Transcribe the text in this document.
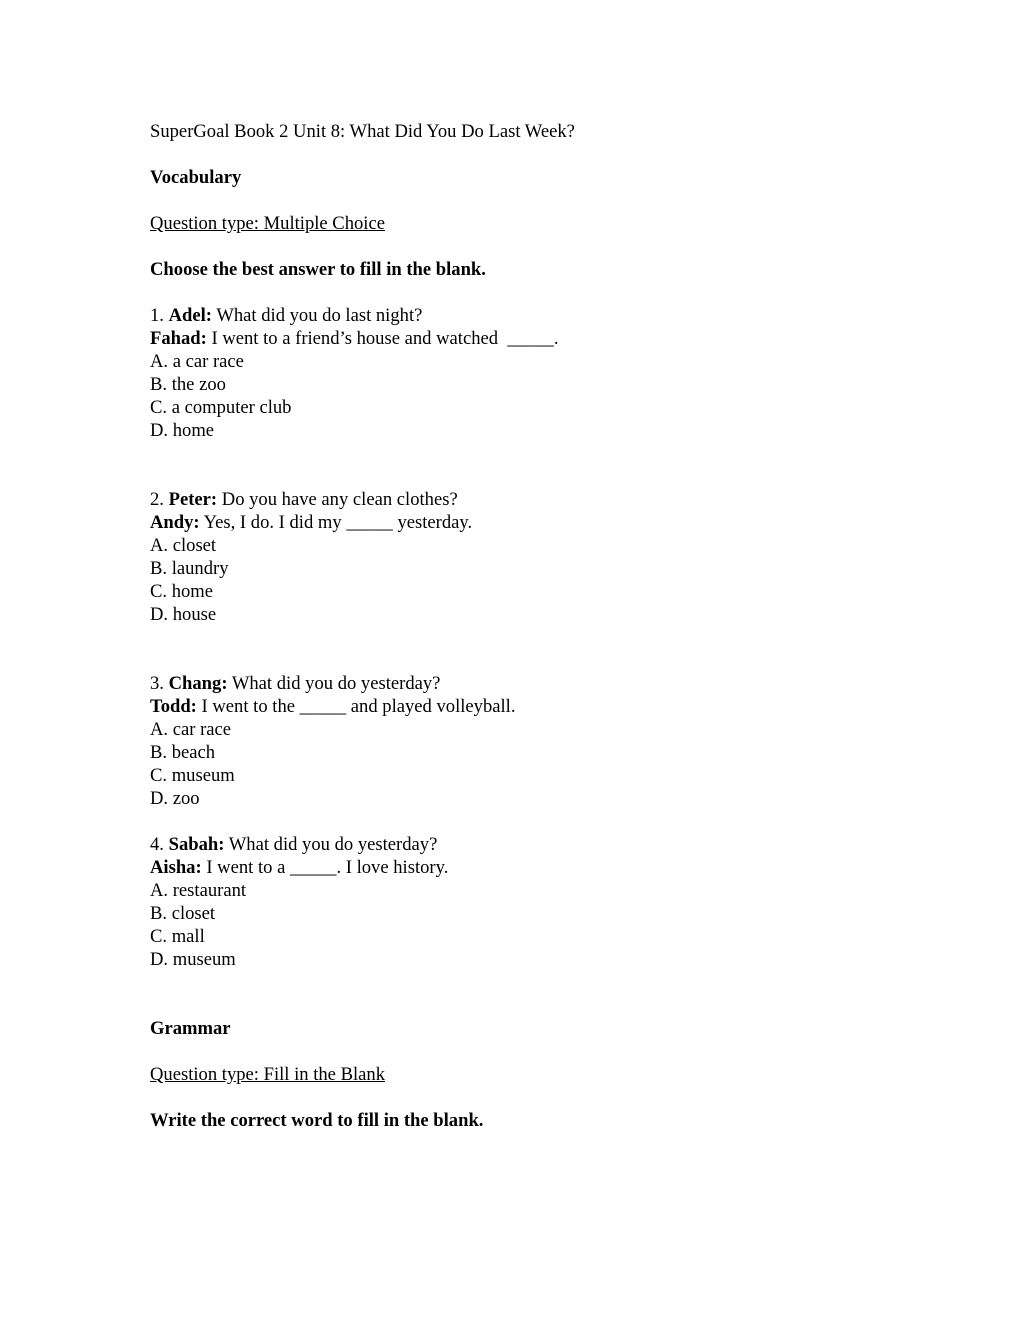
SuperGoal Book 2 Unit 8: What Did You Do Last Week?
Vocabulary
Question type: Multiple Choice
Choose the best answer to fill in the blank.
1. Adel: What did you do last night?
Fahad: I went to a friend’s house and watched  _____.
A. a car race
B. the zoo
C. a computer club
D. home
2. Peter: Do you have any clean clothes?
Andy: Yes, I do. I did my _____ yesterday.
A. closet
B. laundry
C. home
D. house
3. Chang: What did you do yesterday?
Todd: I went to the _____ and played volleyball.
A. car race
B. beach
C. museum
D. zoo
4. Sabah: What did you do yesterday?
Aisha: I went to a _____. I love history.
A. restaurant
B. closet
C. mall
D. museum
Grammar
Question type: Fill in the Blank
Write the correct word to fill in the blank.
